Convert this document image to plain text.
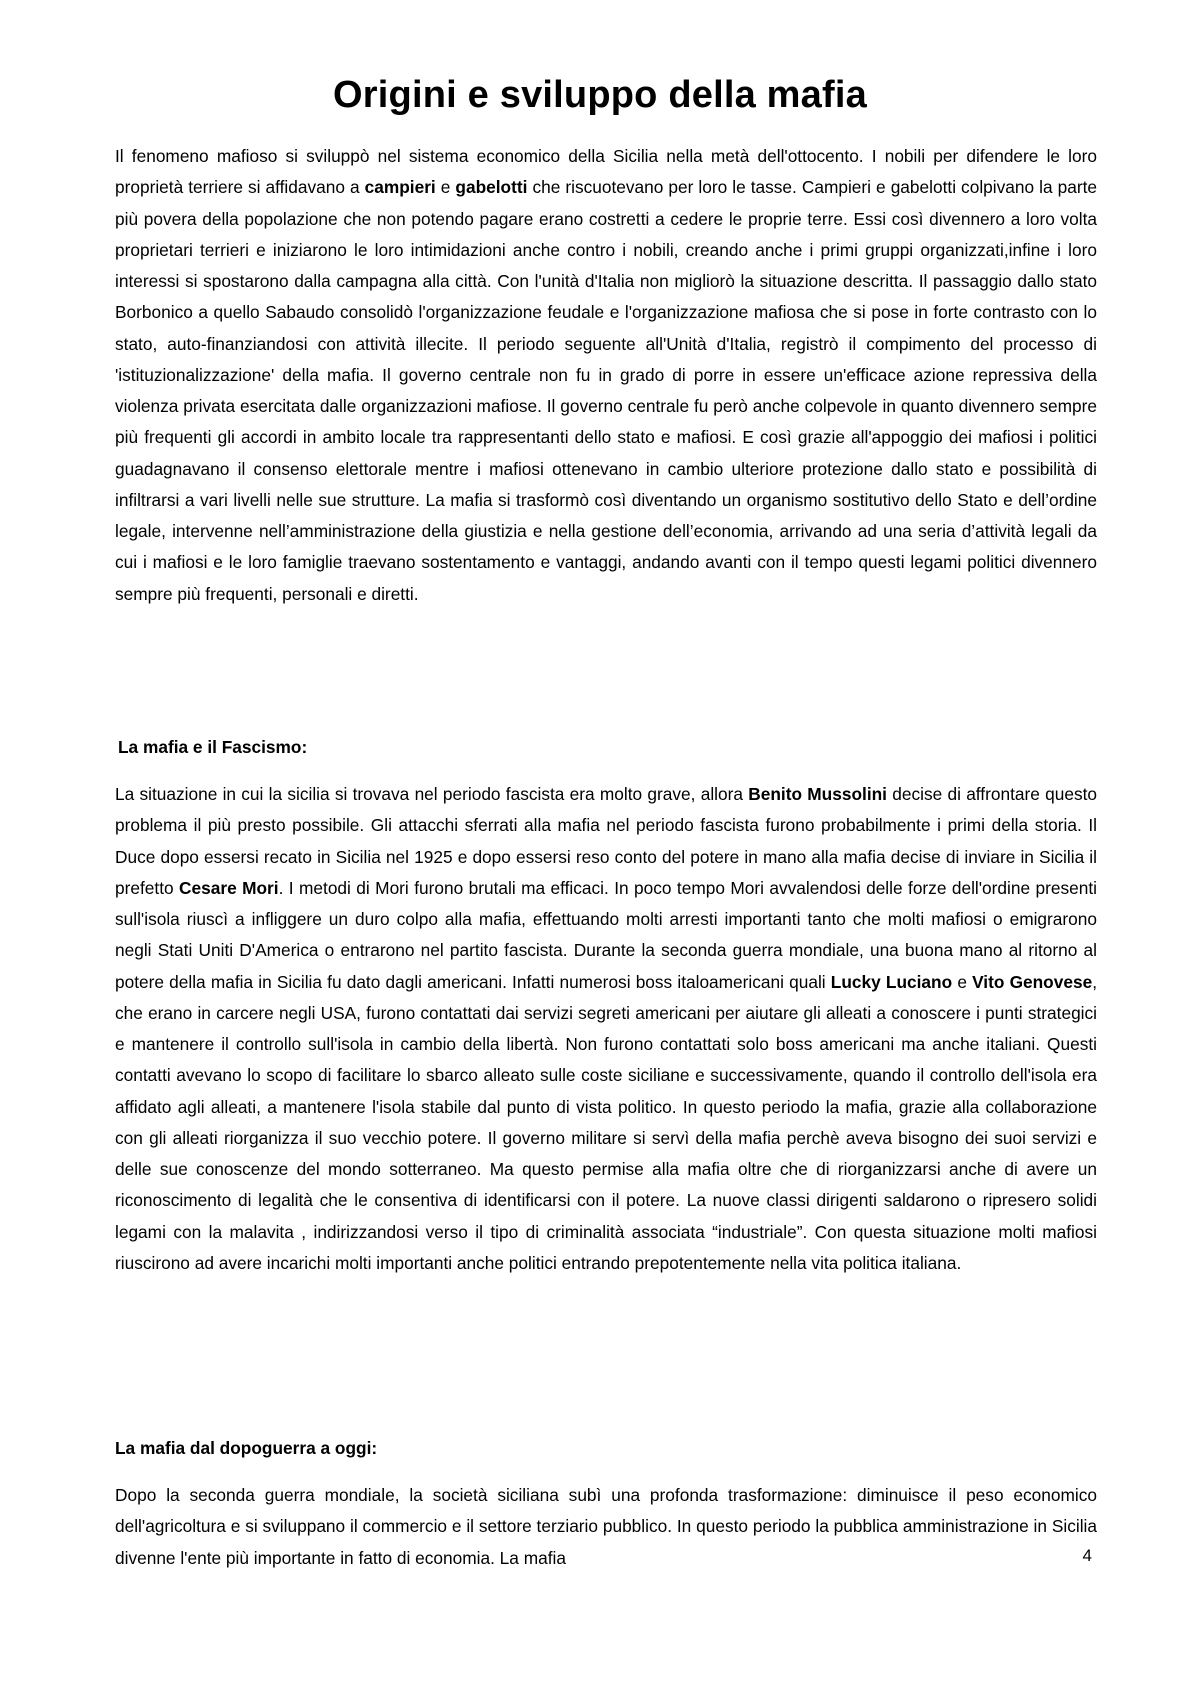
Origini e sviluppo della mafia

Il fenomeno mafioso si sviluppò nel sistema economico della Sicilia nella metà dell'ottocento. I nobili per difendere le loro proprietà terriere si affidavano a campieri e gabelotti che riscuotevano per loro le tasse. Campieri e gabelotti colpivano la parte più povera della popolazione che non potendo pagare erano costretti a cedere le proprie terre. Essi così divennero a loro volta proprietari terrieri e iniziarono le loro intimidazioni anche contro i nobili, creando anche i primi gruppi organizzati,infine i loro interessi si spostarono dalla campagna alla città. Con l'unità d'Italia non migliorò la situazione descritta. Il passaggio dallo stato Borbonico a quello Sabaudo consolidò l'organizzazione feudale e l'organizzazione mafiosa che si pose in forte contrasto con lo stato, auto-finanziandosi con attività illecite. Il periodo seguente all'Unità d'Italia, registrò il compimento del processo di 'istituzionalizzazione' della mafia. Il governo centrale non fu in grado di porre in essere un'efficace azione repressiva della violenza privata esercitata dalle organizzazioni mafiose. Il governo centrale fu però anche colpevole in quanto divennero sempre più frequenti gli accordi in ambito locale tra rappresentanti dello stato e mafiosi. E così grazie all'appoggio dei mafiosi i politici guadagnavano il consenso elettorale mentre i mafiosi ottenevano in cambio ulteriore protezione dallo stato e possibilità di infiltrarsi a vari livelli nelle sue strutture. La mafia si trasformò così diventando un organismo sostitutivo dello Stato e dell’ordine legale, intervenne nell’amministrazione della giustizia e nella gestione dell’economia, arrivando ad una seria d’attività legali da cui i mafiosi e le loro famiglie traevano sostentamento e vantaggi, andando avanti con il tempo questi legami politici divennero sempre più frequenti, personali e diretti.

La mafia e il Fascismo:

La situazione in cui la sicilia si trovava nel periodo fascista era molto grave, allora Benito Mussolini decise di affrontare questo problema il più presto possibile. Gli attacchi sferrati alla mafia nel periodo fascista furono probabilmente i primi della storia. Il Duce dopo essersi recato in Sicilia nel 1925 e dopo essersi reso conto del potere in mano alla mafia decise di inviare in Sicilia il prefetto Cesare Mori. I metodi di Mori furono brutali ma efficaci. In poco tempo Mori avvalendosi delle forze dell'ordine presenti sull'isola riuscì a infliggere un duro colpo alla mafia, effettuando molti arresti importanti tanto che molti mafiosi o emigrarono negli Stati Uniti D'America o entrarono nel partito fascista. Durante la seconda guerra mondiale, una buona mano al ritorno al potere della mafia in Sicilia fu dato dagli americani. Infatti numerosi boss italoamericani quali Lucky Luciano e Vito Genovese, che erano in carcere negli USA, furono contattati dai servizi segreti americani per aiutare gli alleati a conoscere i punti strategici e mantenere il controllo sull'isola in cambio della libertà. Non furono contattati solo boss americani ma anche italiani. Questi contatti avevano lo scopo di facilitare lo sbarco alleato sulle coste siciliane e successivamente, quando il controllo dell'isola era affidato agli alleati, a mantenere l'isola stabile dal punto di vista politico. In questo periodo la mafia, grazie alla collaborazione con gli alleati riorganizza il suo vecchio potere. Il governo militare si servì della mafia perchè aveva bisogno dei suoi servizi e delle sue conoscenze del mondo sotterraneo. Ma questo permise alla mafia oltre che di riorganizzarsi anche di avere un riconoscimento di legalità che le consentiva di identificarsi con il potere. La nuove classi dirigenti saldarono o ripresero solidi legami con la malavita , indirizzandosi verso il tipo di criminalità associata “industriale”. Con questa situazione molti mafiosi riuscirono ad avere incarichi molti importanti anche politici entrando prepotentemente nella vita politica italiana.

La mafia dal dopoguerra a oggi:

Dopo la seconda guerra mondiale, la società siciliana subì una profonda trasformazione: diminuisce il peso economico dell'agricoltura e si sviluppano il commercio e il settore terziario pubblico. In questo periodo la pubblica amministrazione in Sicilia divenne l'ente più importante in fatto di economia. La mafia	4
